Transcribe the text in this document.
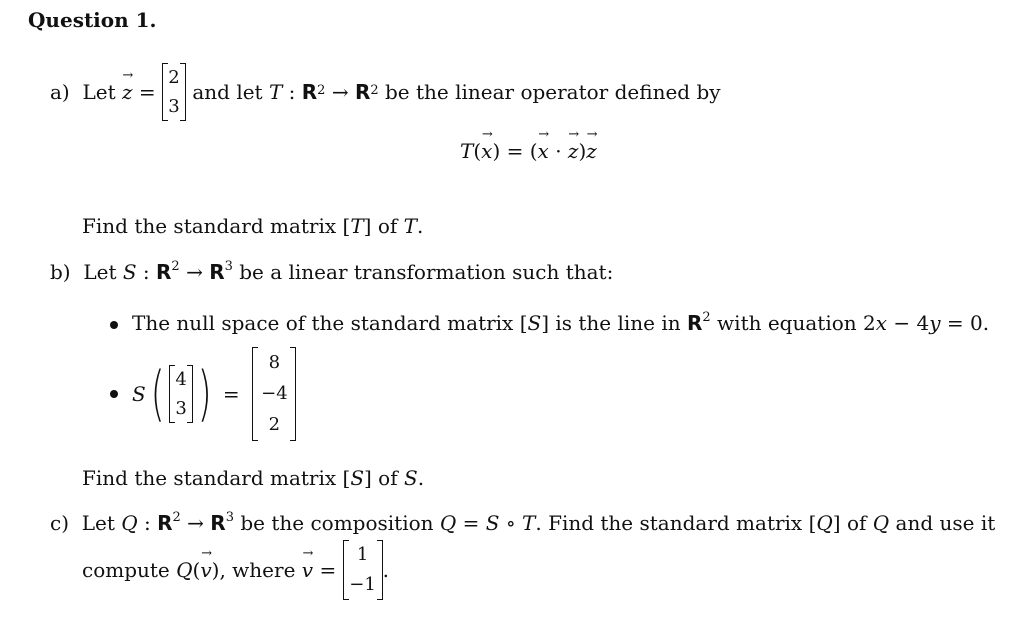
Question 1.
a)
Let
z →
=

2
3

and let
T
:
$R^2$
→
$R^2$
be the linear operator defined by
T(x →) = (x → · z →)z →
Find the standard matrix [T] of T.
b) Let S : $R^2 \to R^3$ be a linear transformation such that:
The null space of the standard matrix [S] is the line in $R^2$ with equation 2x − 4y = 0.
S ( 4
3 )
=

8
−4
2
Find the standard matrix [S] of S.
c) Let Q : $R^2 \to R^3$ be the composition Q = S ∘ T. Find the standard matrix [Q] of Q and use it
compute
Q ( v → ), where
v →
=

1
−1
.
